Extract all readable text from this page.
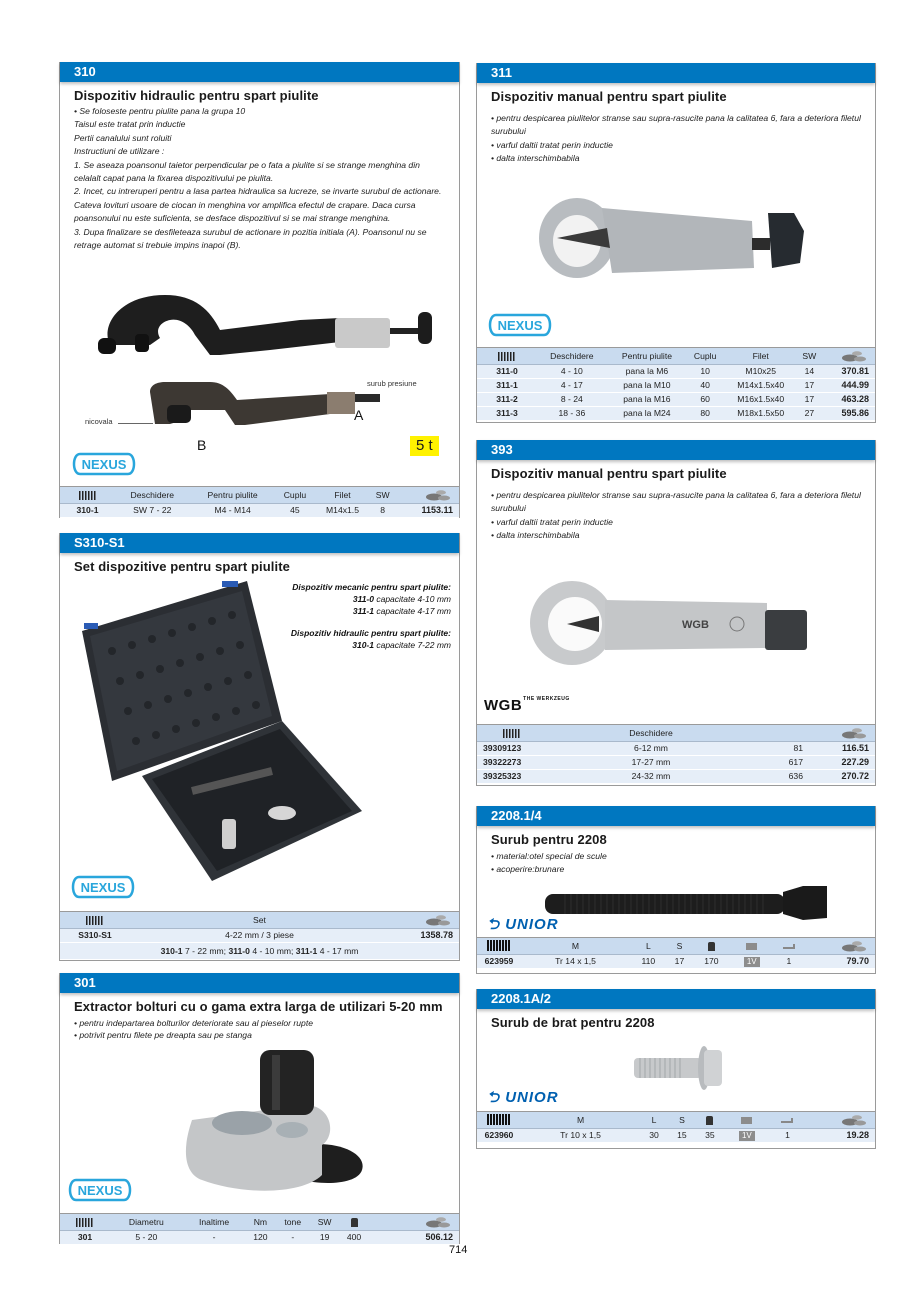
310
Dispozitiv hidraulic pentru spart piulite
• Se foloseste pentru piulite pana la grupa 10
Taisul este tratat prin inductie
Pertii canalului sunt roluiti
Instructiuni de utilizare :
1. Se aseaza poansonul taietor perpendicular pe o fata a piulite si se strange menghina din celalalt capat pana la fixarea dispozitivului pe piulita.
2. Incet, cu intreruperi pentru a lasa partea hidraulica sa lucreze, se invarte surubul de actionare. Cateva lovituri usoare de ciocan in menghina vor amplifica efectul de crapare. Daca cursa poansonului nu este suficienta, se desface dispozitivul si se mai strange menghina.
3. Dupa finalizare se desfileteaza surubul de actionare in pozitia initiala (A). Poansonul nu se retrage automat si trebuie impins inapoi (B).
nicovala
surub presiune
A
B	5 t
NEXUS
	Deschidere	Pentru piulite	Cuplu	Filet	SW	
310-1	SW 7 - 22	M4 - M14	45	M14x1.5	8	1153.11
311
Dispozitiv manual pentru spart piulite
• pentru despicarea piulitelor stranse sau supra-rasucite pana la calitatea 6, fara a deteriora filetul surubului
• varful daltii tratat perin inductie
• dalta interschimbabila
NEXUS
	Deschidere	Pentru piulite	Cuplu	Filet	SW	
311-0	4 - 10	pana la M6	10	M10x25	14	370.81
311-1	4 - 17	pana la M10	40	M14x1.5x40	17	444.99
311-2	8 - 24	pana la M16	60	M16x1.5x40	17	463.28
311-3	18 - 36	pana la M24	80	M18x1.5x50	27	595.86
393
Dispozitiv manual pentru spart piulite
• pentru despicarea piulitelor stranse sau supra-rasucite pana la calitatea 6, fara a deteriora filetul surubului
• varful daltii tratat perin inductie
• dalta interschimbabila
WGB
WGBTHE WERKZEUG
	Deschidere		
39309123	6-12 mm	81	116.51
39322273	17-27 mm	617	227.29
39325323	24-32 mm	636	270.72
S310-S1
Set dispozitive pentru spart piulite
Dispozitiv mecanic pentru spart piulite:
311-0 capacitate 4-10 mm
311-1 capacitate 4-17 mm
Dispozitiv hidraulic pentru spart piulite:
310-1 capacitate 7-22 mm
NEXUS
	Set	
S310-S1	4-22 mm / 3 piese	1358.78
310-1 7 - 22 mm; 311-0 4 - 10 mm; 311-1 4 - 17 mm		
301
Extractor bolturi cu o gama extra larga de utilizari 5-20 mm
• pentru indepartarea bolturilor deteriorate sau al pieselor rupte
• potrivit pentru filete pe dreapta sau pe stanga
NEXUS
	Diametru	Inaltime	Nm	tone	SW		
301	5 - 20	-	120	-	19	400	506.12
2208.1/4
Surub pentru 2208
• material:otel special de scule
• acoperire:brunare
⮌ UNIOR
	M	L	S				
623959	Tr 14 x 1,5	110	17	170	1V	1	79.70
2208.1A/2
Surub de brat pentru 2208
⮌ UNIOR
	M	L	S				
623960	Tr 10 x 1,5	30	15	35	1V	1	19.28
714
